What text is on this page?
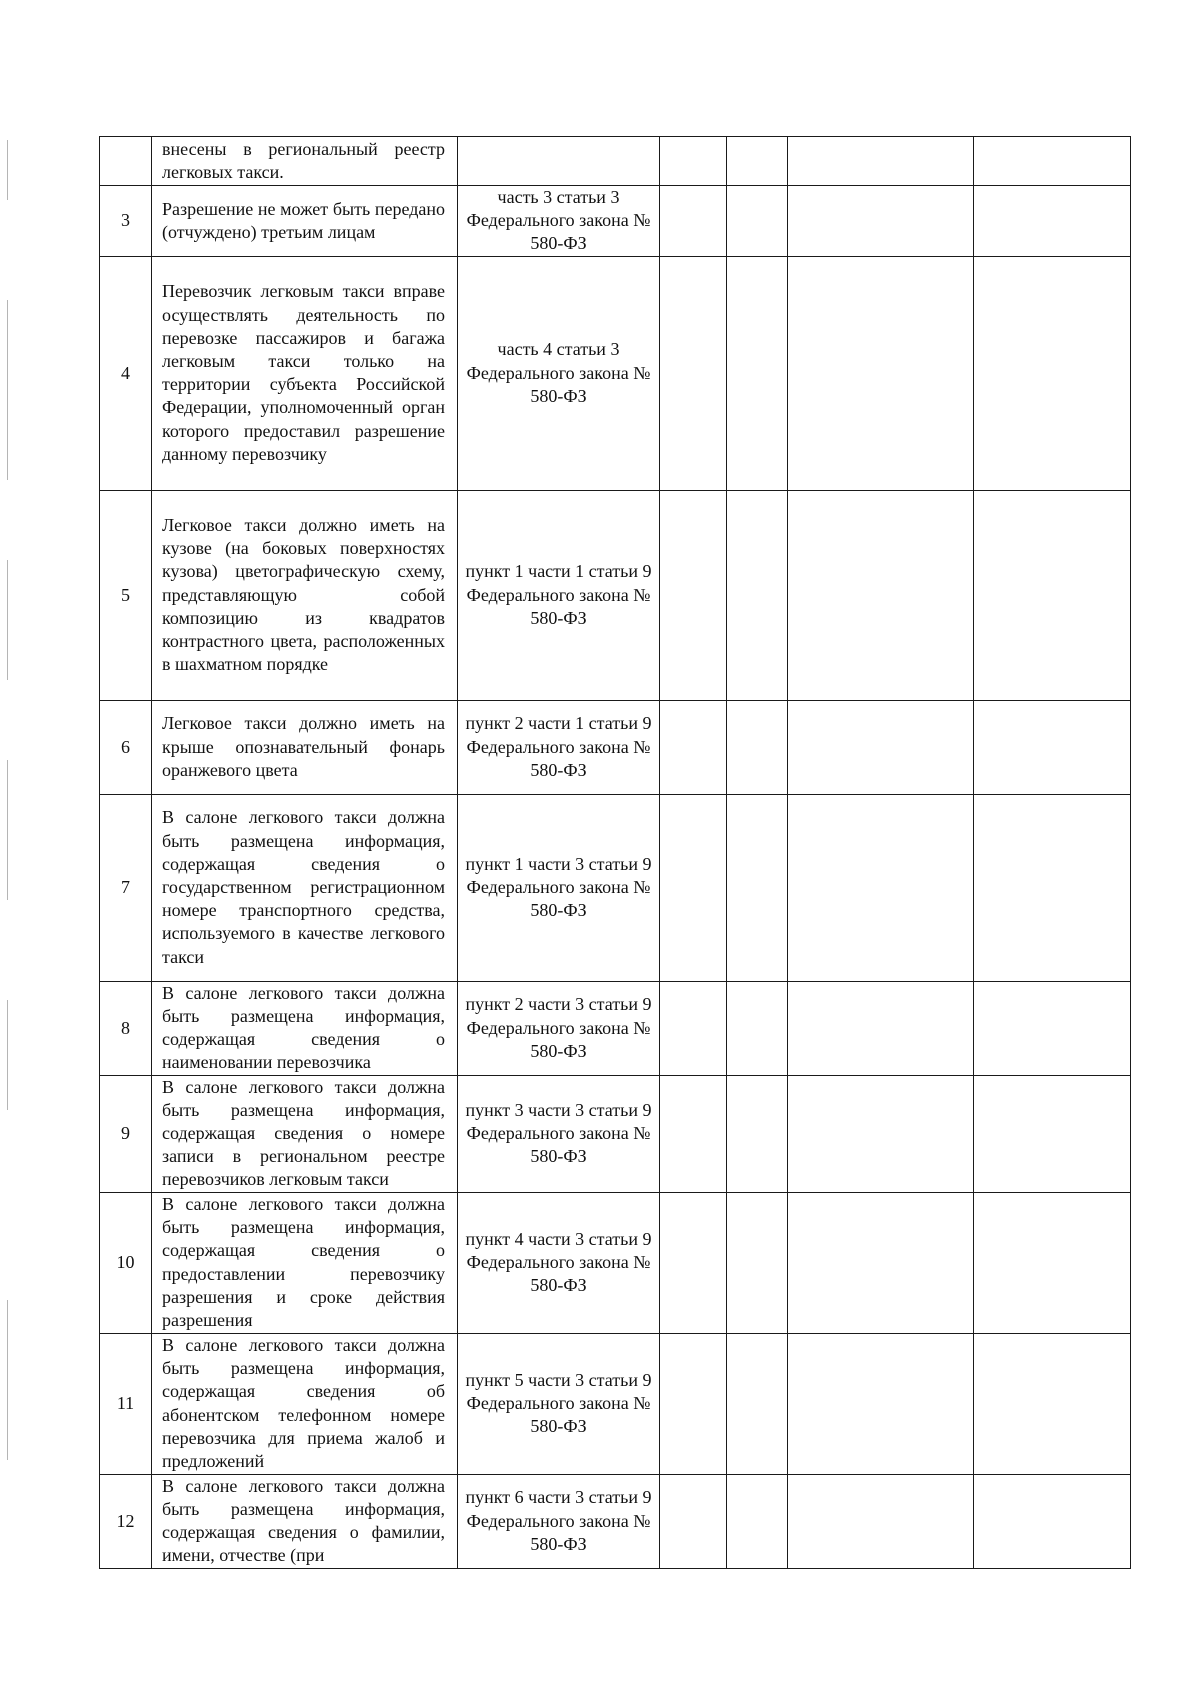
	внесены в региональный реестр легковых такси.					

3	Разрешение не может быть передано (отчуждено) третьим лицам	часть 3 статьи 3 Федерального закона № 580-ФЗ				
4	Перевозчик легковым такси вправе осуществлять деятельность по перевозке пассажиров и багажа легковым такси только на территории субъекта Российской Федерации, уполномоченный орган которого предоставил разрешение данному перевозчику	часть 4 статьи 3 Федерального закона № 580-ФЗ				
5	Легковое такси должно иметь на кузове (на боковых поверхностях кузова) цветографическую схему, представляющую собой композицию из квадратов контрастного цвета, расположенных в шахматном порядке	пункт 1 части 1 статьи 9 Федерального закона № 580-ФЗ				
6	Легковое такси должно иметь на крыше опознавательный фонарь оранжевого цвета	пункт 2 части 1 статьи 9 Федерального закона № 580-ФЗ				
7	В салоне легкового такси должна быть размещена информация, содержащая сведения о государственном регистрационном номере транспортного средства, используемого в качестве легкового такси	пункт 1 части 3 статьи 9 Федерального закона № 580-ФЗ				
8	В салоне легкового такси должна быть размещена информация, содержащая сведения о наименовании перевозчика	пункт 2 части 3 статьи 9 Федерального закона № 580-ФЗ				
9	В салоне легкового такси должна быть размещена информация, содержащая сведения о номере записи в региональном реестре перевозчиков легковым такси	пункт 3 части 3 статьи 9 Федерального закона № 580-ФЗ				
10	В салоне легкового такси должна быть размещена информация, содержащая сведения о предоставлении перевозчику разрешения и сроке действия разрешения	пункт 4 части 3 статьи 9 Федерального закона № 580-ФЗ				
11	В салоне легкового такси должна быть размещена информация, содержащая сведения об абонентском телефонном номере перевозчика для приема жалоб и предложений	пункт 5 части 3 статьи 9 Федерального закона № 580-ФЗ				
12	В салоне легкового такси должна быть размещена информация, содержащая сведения о фамилии, имени, отчестве (при	пункт 6 части 3 статьи 9 Федерального закона № 580-ФЗ				
